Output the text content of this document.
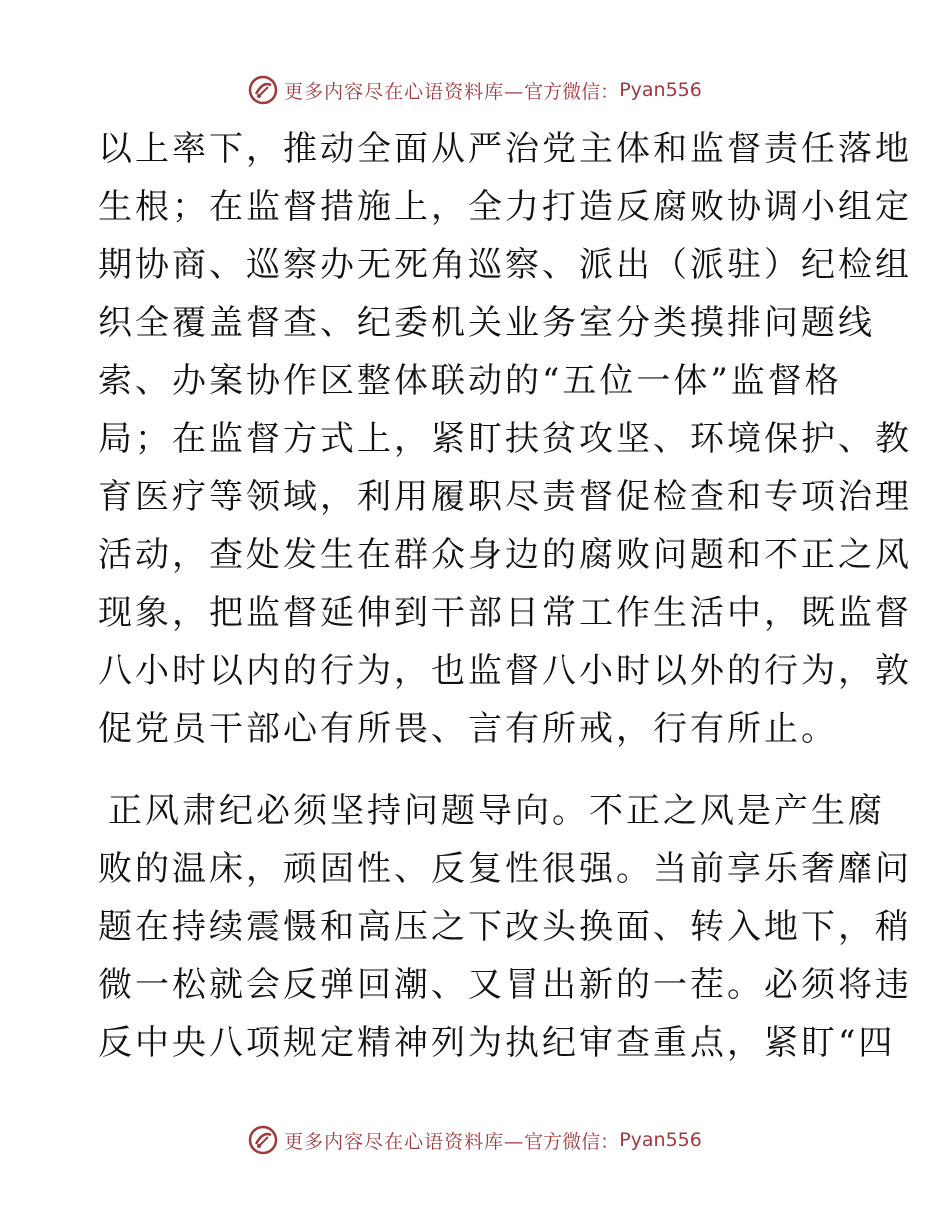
更多内容尽在心语资料库— 官方微信： Pyan556
以上率下，推动全面从严治党主体和监督责任落地
生根；在监督措施上，全力打造反腐败协调小组定
期协商、巡察办无死角巡察、派出（派驻）纪检组
织全覆盖督查、纪委机关业务室分类摸排问题线
索、办案协作区整体联动的“五位一体”监督格
局；在监督方式上，紧盯扶贫攻坚、环境保护、教
育医疗等领域，利用履职尽责督促检查和专项治理
活动，查处发生在群众身边的腐败问题和不正之风
现象，把监督延伸到干部日常工作生活中，既监督
八小时以内的行为，也监督八小时以外的行为，敦
促党员干部心有所畏、言有所戒，行有所止。
正风肃纪必须坚持问题导向。不正之风是产生腐
败的温床，顽固性、反复性很强。当前享乐奢靡问
题在持续震慑和高压之下改头换面、转入地下，稍
微一松就会反弹回潮、又冒出新的一茬。必须将违
反中央八项规定精神列为执纪审查重点，紧盯“四
更多内容尽在心语资料库— 官方微信： Pyan556
